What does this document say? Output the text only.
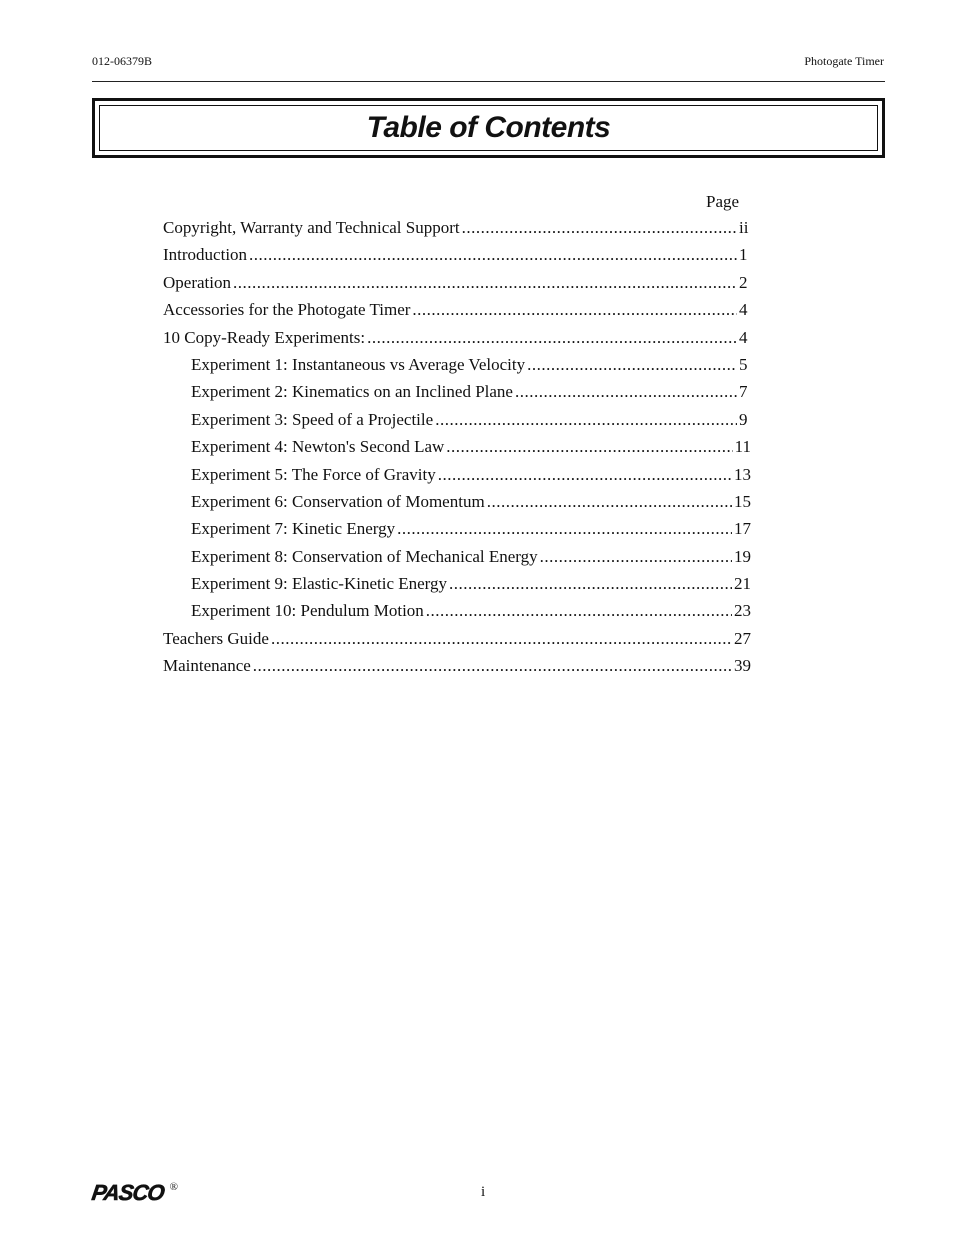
012-06379B	Photogate Timer
Table of Contents
Page
Copyright, Warranty and Technical Support .....	ii
Introduction .....	1
Operation .....	2
Accessories for the Photogate Timer .....	4
10 Copy-Ready Experiments: .....	4
Experiment 1: Instantaneous vs Average Velocity .....	5
Experiment 2: Kinematics on an Inclined Plane .....	7
Experiment 3: Speed of a Projectile .....	9
Experiment 4: Newton's Second Law .....	11
Experiment 5: The Force of Gravity .....	13
Experiment 6: Conservation of Momentum .....	15
Experiment 7: Kinetic Energy .....	17
Experiment 8: Conservation of Mechanical Energy .....	19
Experiment 9: Elastic-Kinetic Energy .....	21
Experiment 10: Pendulum Motion .....	23
Teachers Guide .....	27
Maintenance .....	39
PASCO ®	i
